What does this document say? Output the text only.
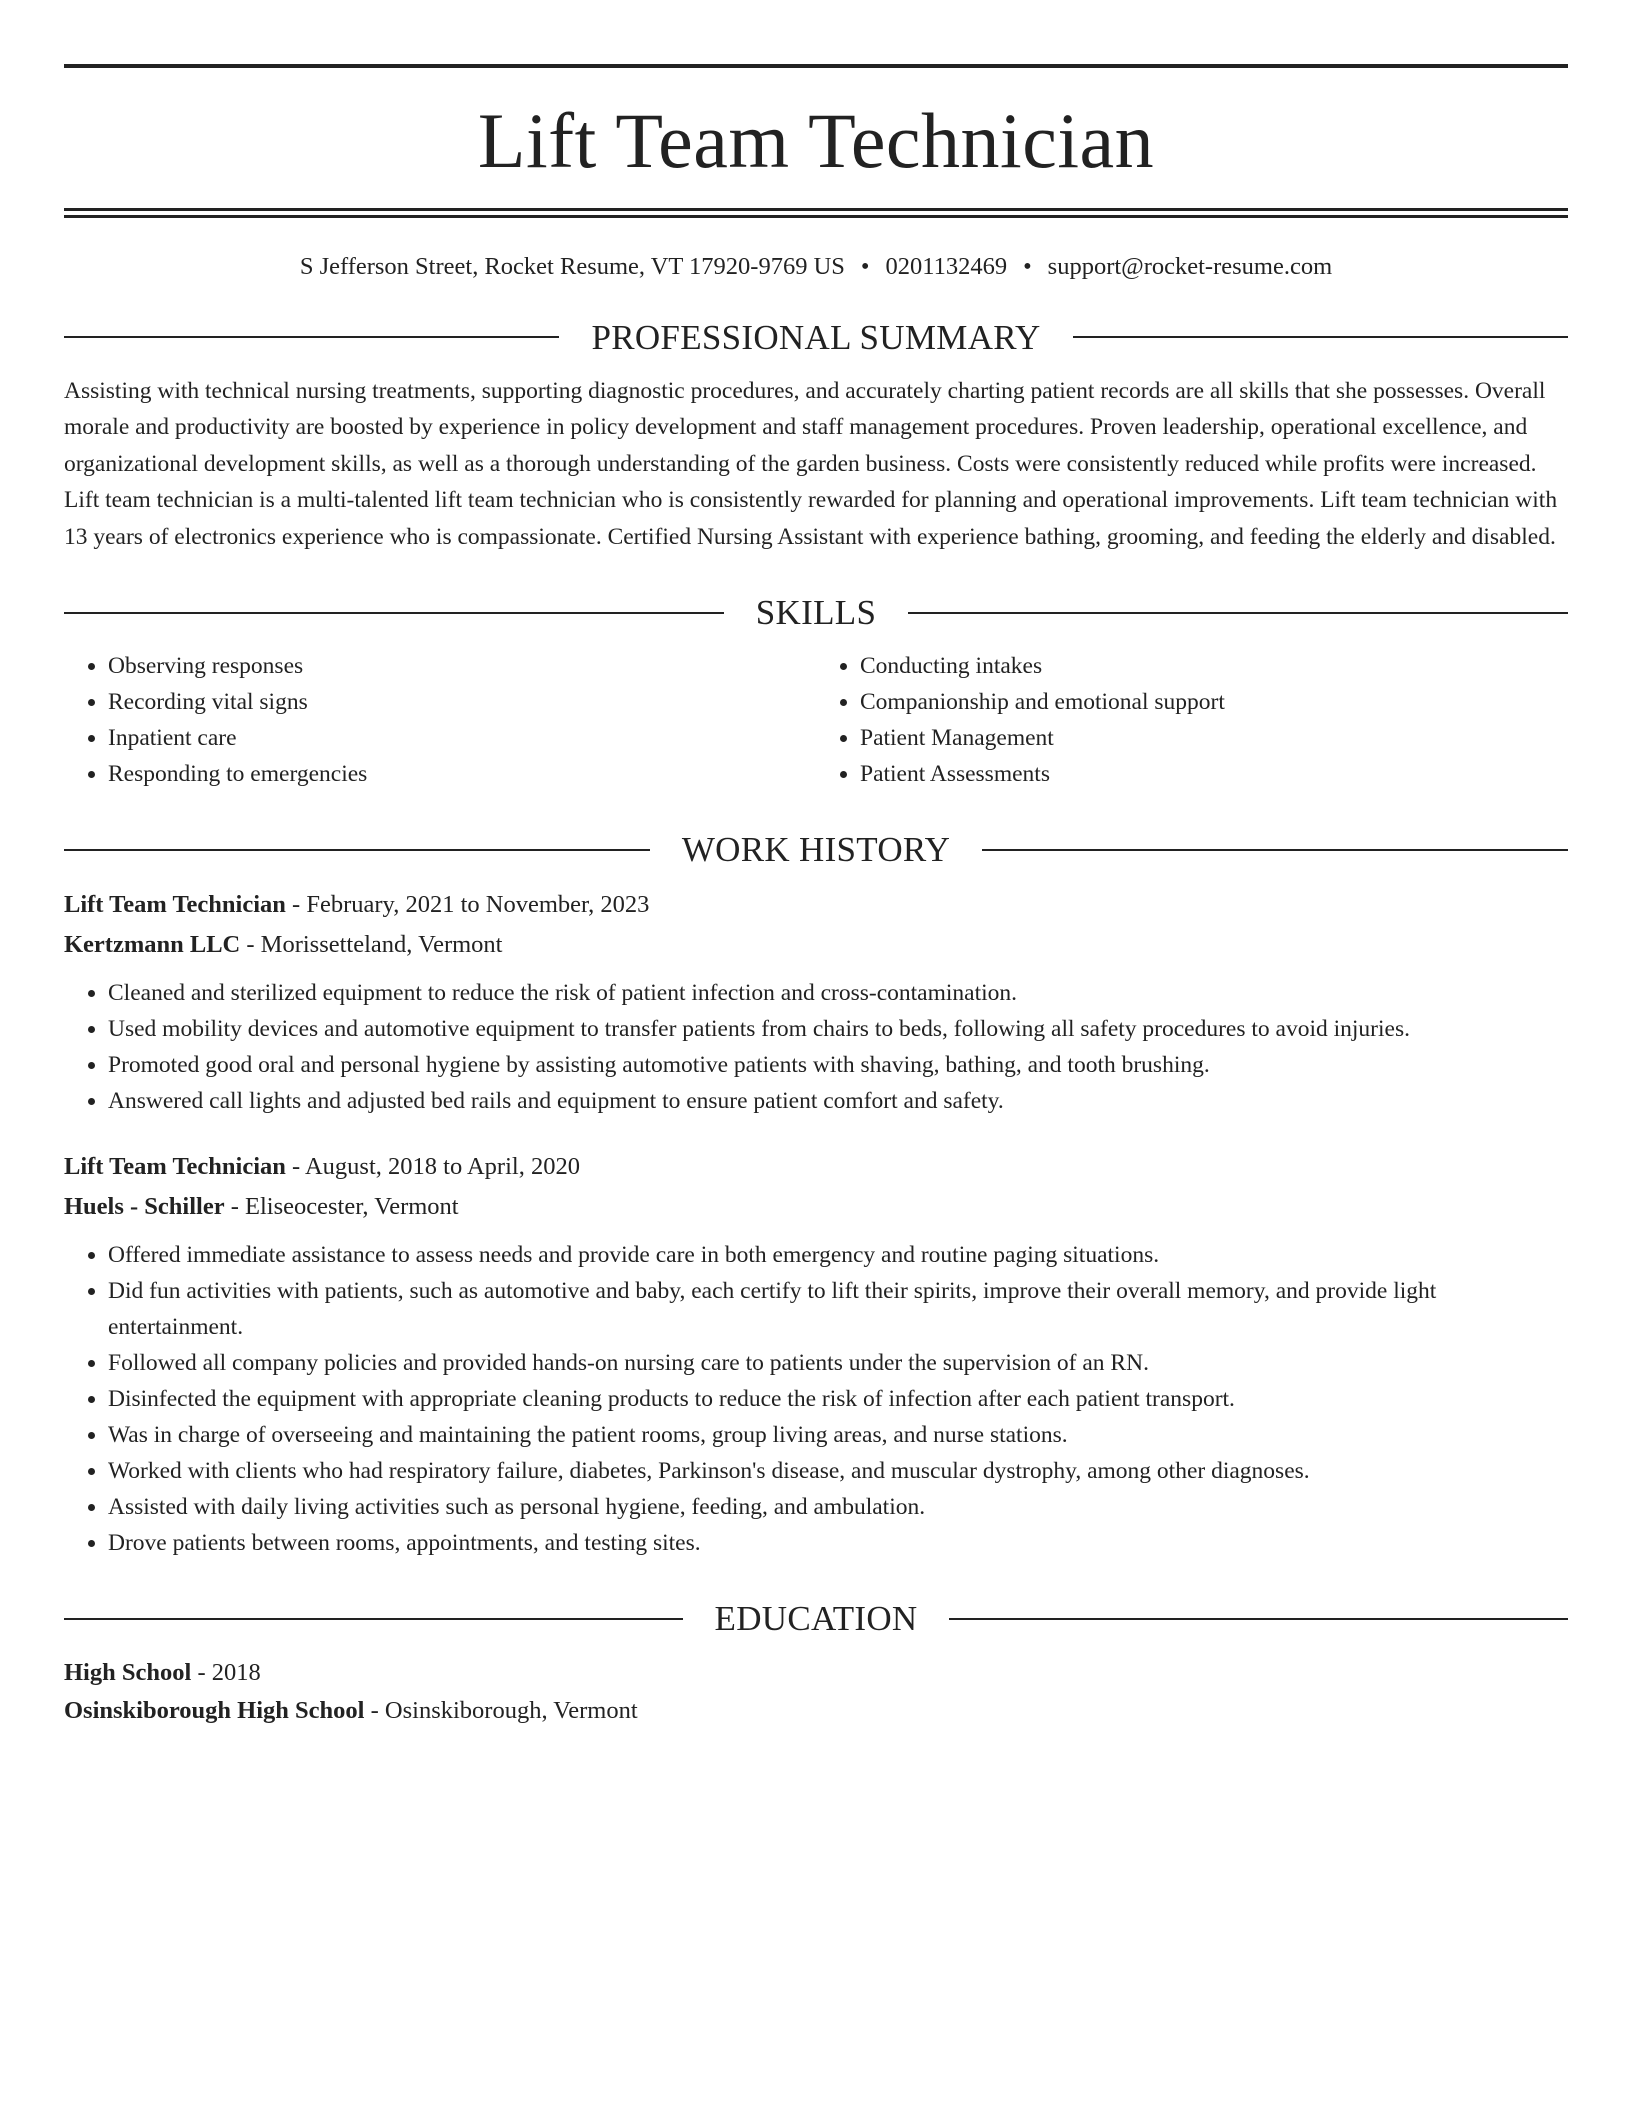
Lift Team Technician
S Jefferson Street, Rocket Resume, VT 17920-9769 US • 0201132469 • support@rocket-resume.com
PROFESSIONAL SUMMARY

Assisting with technical nursing treatments, supporting diagnostic procedures, and accurately charting patient records are all skills that she possesses. Overall morale and productivity are boosted by experience in policy development and staff management procedures. Proven leadership, operational excellence, and organizational development skills, as well as a thorough understanding of the garden business. Costs were consistently reduced while profits were increased. Lift team technician is a multi-talented lift team technician who is consistently rewarded for planning and operational improvements. Lift team technician with 13 years of electronics experience who is compassionate. Certified Nursing Assistant with experience bathing, grooming, and feeding the elderly and disabled.

SKILLS
• Observing responses
• Recording vital signs
• Inpatient care
• Responding to emergencies
• Conducting intakes
• Companionship and emotional support
• Patient Management
• Patient Assessments
WORK HISTORY
Lift Team Technician - February, 2021 to November, 2023
Kertzmann LLC - Morissetteland, Vermont
• Cleaned and sterilized equipment to reduce the risk of patient infection and cross-contamination.
• Used mobility devices and automotive equipment to transfer patients from chairs to beds, following all safety procedures to avoid injuries.
• Promoted good oral and personal hygiene by assisting automotive patients with shaving, bathing, and tooth brushing.
• Answered call lights and adjusted bed rails and equipment to ensure patient comfort and safety.
Lift Team Technician - August, 2018 to April, 2020
Huels - Schiller - Eliseocester, Vermont
• Offered immediate assistance to assess needs and provide care in both emergency and routine paging situations.
• Did fun activities with patients, such as automotive and baby, each certify to lift their spirits, improve their overall memory, and provide light entertainment.
• Followed all company policies and provided hands-on nursing care to patients under the supervision of an RN.
• Disinfected the equipment with appropriate cleaning products to reduce the risk of infection after each patient transport.
• Was in charge of overseeing and maintaining the patient rooms, group living areas, and nurse stations.
• Worked with clients who had respiratory failure, diabetes, Parkinson's disease, and muscular dystrophy, among other diagnoses.
• Assisted with daily living activities such as personal hygiene, feeding, and ambulation.
• Drove patients between rooms, appointments, and testing sites.
EDUCATION
High School - 2018
Osinskiborough High School - Osinskiborough, Vermont
